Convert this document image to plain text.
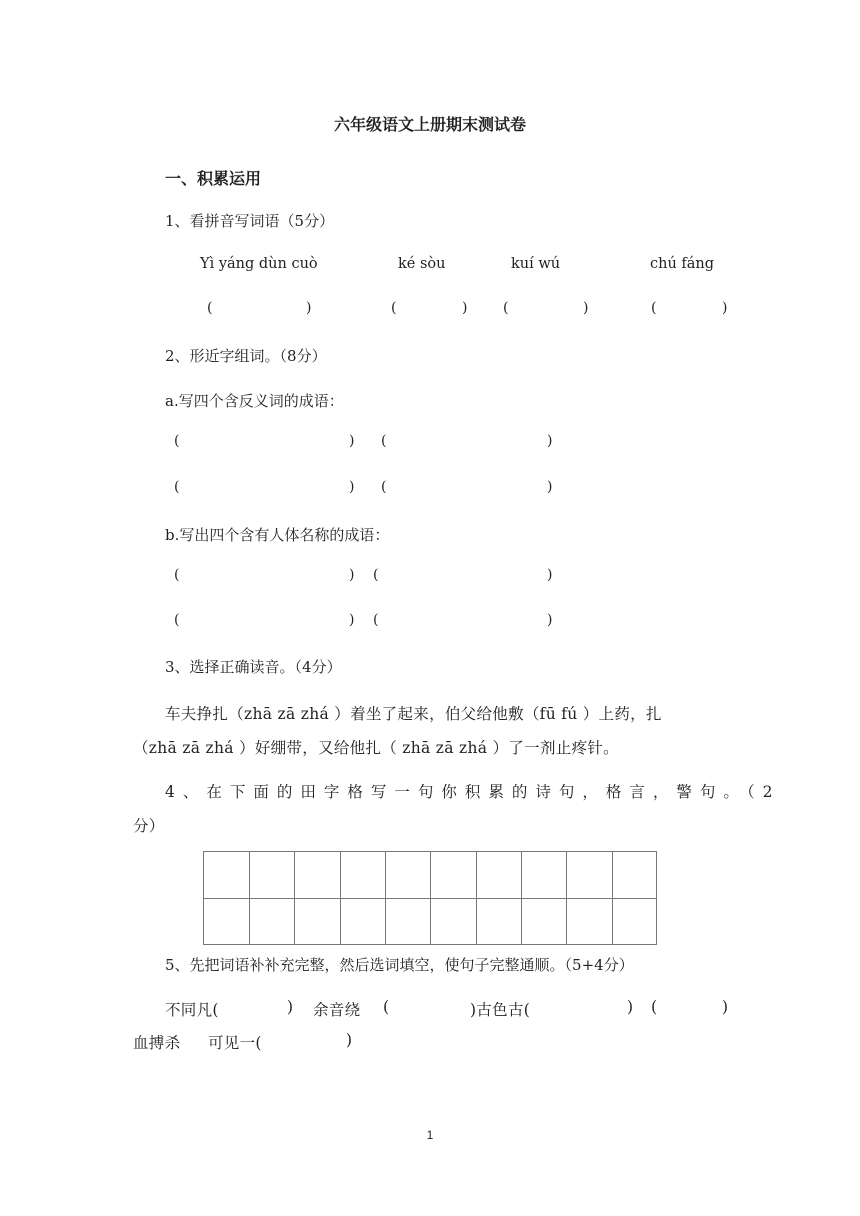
六年级语文上册期末测试卷
一、积累运用
1、看拼音写词语（5分）
Yì yáng dùn cuò	ké sòu	kuí wú	chú fáng
(	)	(	)	(	)	(	)
2、形近字组词。（8分）
a.写四个含反义词的成语：
(	) (	)
(	) (	)
b.写出四个含有人体名称的成语：
(	) (	)
(	) (	)
3、选择正确读音。（4分）
车夫挣扎（zhā zā zhá ）着坐了起来，伯父给他敷（fū fú ）上药，扎
（zhā zā zhá ）好绷带，又给他扎（ zhā zā zhá ）了一剂止疼针。
4、在下面的田字格写一句你积累的诗句，格言，警句。（2
分）
5、先把词语补补充完整，然后选词填空，使句子完整通顺。（5+4分）
不同凡(	) 余音绕 (	)古色古(	) (	)
血搏杀 可见一(	)
1
